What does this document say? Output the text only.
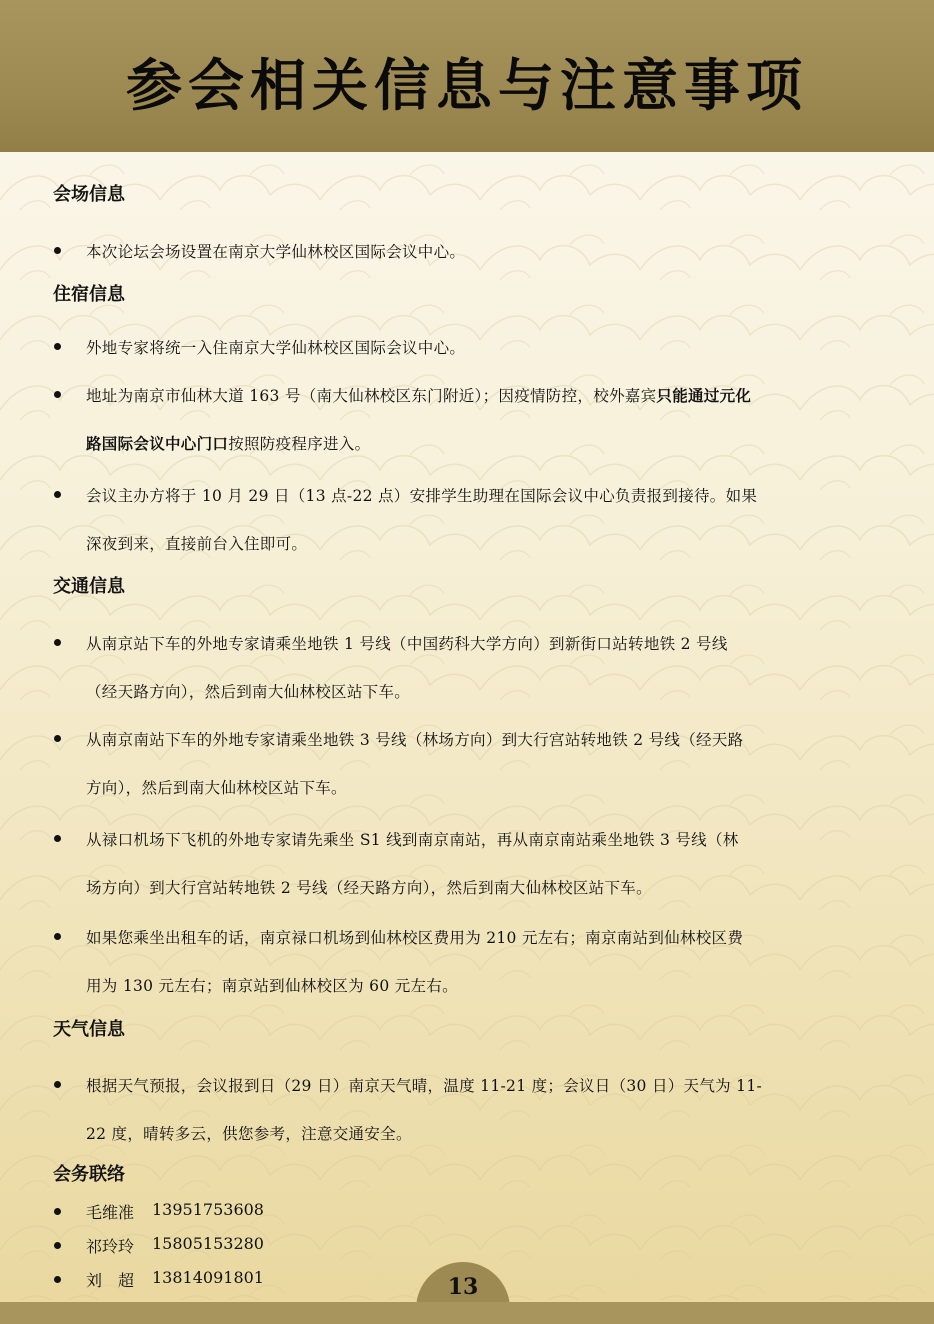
参会相关信息与注意事项
会场信息
本次论坛会场设置在南京大学仙林校区国际会议中心。
住宿信息
外地专家将统一入住南京大学仙林校区国际会议中心。
地址为南京市仙林大道 163 号（南大仙林校区东门附近）；因疫情防控，校外嘉宾只能通过元化
路国际会议中心门口按照防疫程序进入。
会议主办方将于 10 月 29 日（13 点-22 点）安排学生助理在国际会议中心负责报到接待。如果
深夜到来，直接前台入住即可。
交通信息
从南京站下车的外地专家请乘坐地铁 1 号线（中国药科大学方向）到新街口站转地铁 2 号线
（经天路方向），然后到南大仙林校区站下车。
从南京南站下车的外地专家请乘坐地铁 3 号线（林场方向）到大行宫站转地铁 2 号线（经天路
方向），然后到南大仙林校区站下车。
从禄口机场下飞机的外地专家请先乘坐 S1 线到南京南站，再从南京南站乘坐地铁 3 号线（林
场方向）到大行宫站转地铁 2 号线（经天路方向），然后到南大仙林校区站下车。
如果您乘坐出租车的话，南京禄口机场到仙林校区费用为 210 元左右；南京南站到仙林校区费
用为 130 元左右；南京站到仙林校区为 60 元左右。
天气信息
根据天气预报，会议报到日（29 日）南京天气晴，温度 11-21 度；会议日（30 日）天气为 11-
22 度，晴转多云，供您参考，注意交通安全。
会务联络
毛维准 13951753608
祁玲玲 15805153280
刘　超 13814091801	13
